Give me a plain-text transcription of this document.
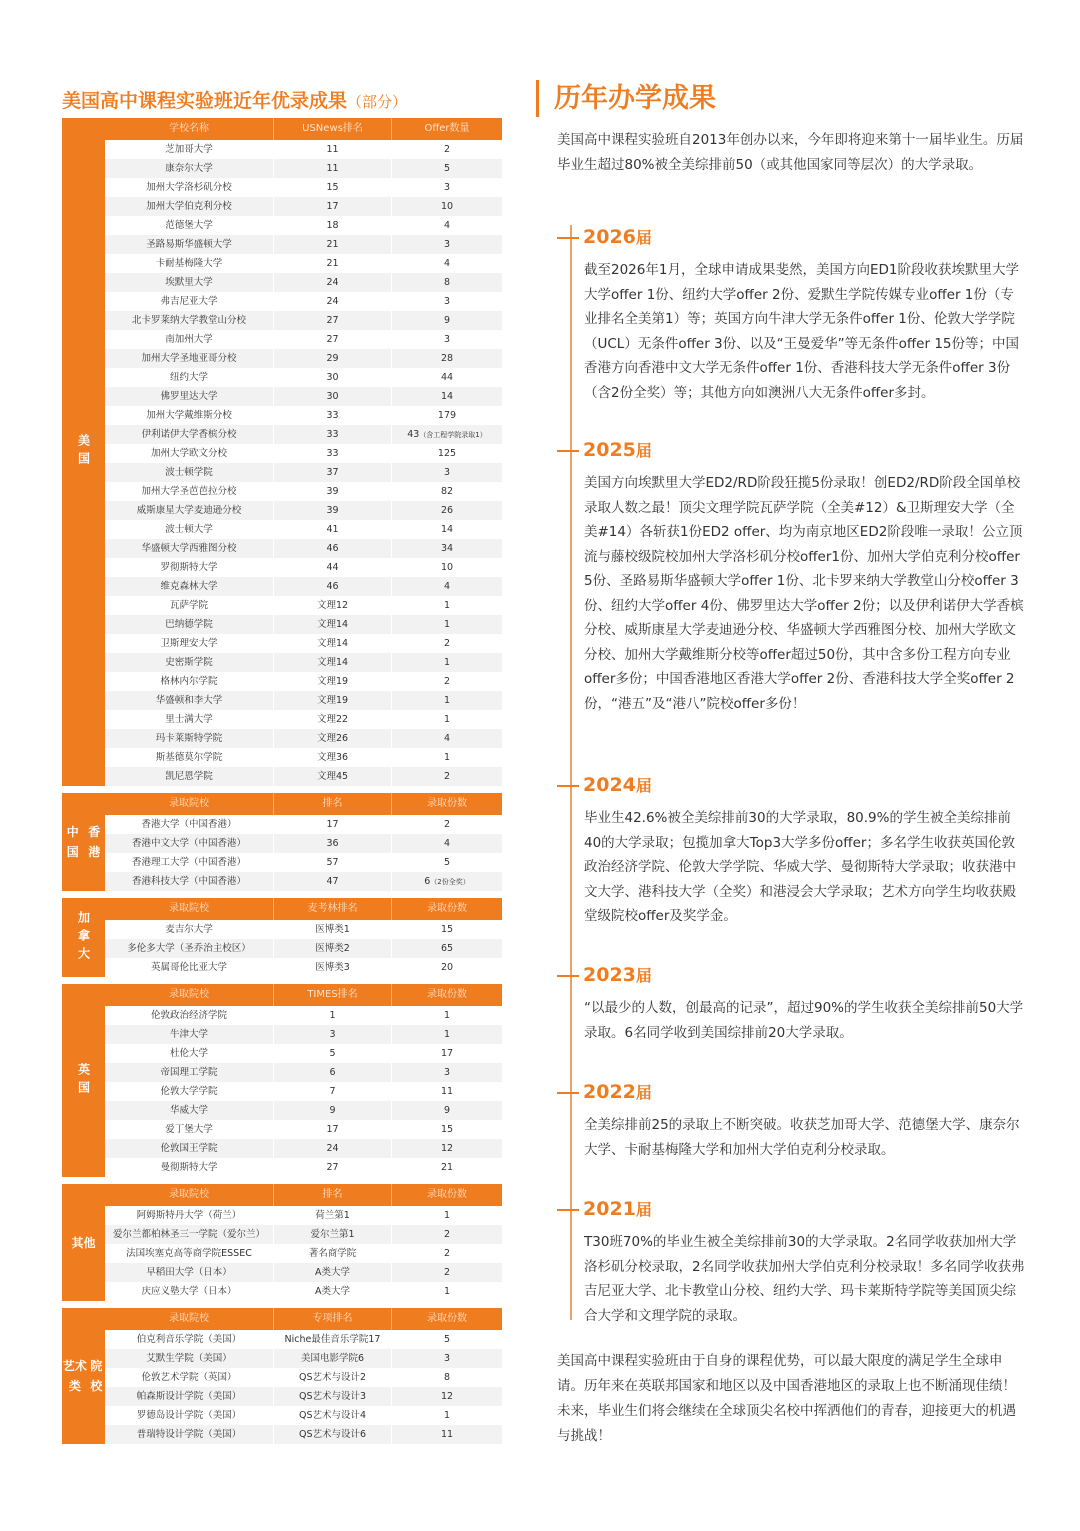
美国高中课程实验班近年优录成果（部分）
美国
学校名称	USNews排名	Offer数量
芝加哥大学	11	2
康奈尔大学	11	5
加州大学洛杉矶分校	15	3
加州大学伯克利分校	17	10
范德堡大学	18	4
圣路易斯华盛顿大学	21	3
卡耐基梅隆大学	21	4
埃默里大学	24	8
弗吉尼亚大学	24	3
北卡罗莱纳大学教堂山分校	27	9
南加州大学	27	3
加州大学圣地亚哥分校	29	28
纽约大学	30	44
佛罗里达大学	30	14
加州大学戴维斯分校	33	179
伊利诺伊大学香槟分校	33	43（含工程学院录取1）
加州大学欧文分校	33	125
波士顿学院	37	3
加州大学圣芭芭拉分校	39	82
威斯康星大学麦迪逊分校	39	26
波士顿大学	41	14
华盛顿大学西雅图分校	46	34
罗彻斯特大学	44	10
维克森林大学	46	4
瓦萨学院	文理12	1
巴纳德学院	文理14	1
卫斯理安大学	文理14	2
史密斯学院	文理14	1
格林内尔学院	文理19	2
华盛顿和李大学	文理19	1
里士满大学	文理22	1
玛卡莱斯特学院	文理26	4
斯基德莫尔学院	文理36	1
凯尼恩学院	文理45	2
中国

香港
录取院校	排名	录取份数
香港大学（中国香港）	17	2
香港中文大学（中国香港）	36	4
香港理工大学（中国香港）	57	5
香港科技大学（中国香港）	47	6（2份全奖）
加拿大
录取院校	麦考林排名	录取份数
麦吉尔大学	医博类1	15
多伦多大学（圣乔治主校区）	医博类2	65
英属哥伦比亚大学	医博类3	20
英国
录取院校	TIMES排名	录取份数
伦敦政治经济学院	1	1
牛津大学	3	1
杜伦大学	5	17
帝国理工学院	6	3
伦敦大学学院	7	11
华威大学	9	9
爱丁堡大学	17	15
伦敦国王学院	24	12
曼彻斯特大学	27	21
其他
录取院校	排名	录取份数
阿姆斯特丹大学（荷兰）	荷兰第1	1
爱尔兰都柏林圣三一学院（爱尔兰）	爱尔兰第1	2
法国埃塞克高等商学院ESSEC	著名商学院	2
早稻田大学（日本）	A类大学	2
庆应义塾大学（日本）	A类大学	1
艺术类

院校
录取院校	专项排名	录取份数
伯克利音乐学院（美国）	Niche最佳音乐学院17	5
艾默生学院（美国）	美国电影学院6	3
伦敦艺术学院（英国）	QS艺术与设计2	8
帕森斯设计学院（美国）	QS艺术与设计3	12
罗德岛设计学院（美国）	QS艺术与设计4	1
普瑞特设计学院（美国）	QS艺术与设计6	11
历年办学成果
美国高中课程实验班自2013年创办以来，今年即将迎来第十一届毕业生。历届毕业生超过80%被全美综排前50（或其他国家同等层次）的大学录取。
2026届
截至2026年1月，全球申请成果斐然，美国方向ED1阶段收获埃默里大学大学offer 1份、纽约大学offer 2份、爱默生学院传媒专业offer 1份（专业排名全美第1）等；英国方向牛津大学无条件offer 1份、伦敦大学学院（UCL）无条件offer 3份、以及“王曼爱华”等无条件offer 15份等；中国香港方向香港中文大学无条件offer 1份、香港科技大学无条件offer 3份（含2份全奖）等；其他方向如澳洲八大无条件offer多封。
2025届
美国方向埃默里大学ED2/RD阶段狂揽5份录取！创ED2/RD阶段全国单校录取人数之最！顶尖文理学院瓦萨学院（全美#12）&卫斯理安大学（全美#14）各斩获1份ED2 offer、均为南京地区ED2阶段唯一录取！公立顶流与藤校级院校加州大学洛杉矶分校offer1份、加州大学伯克利分校offer 5份、圣路易斯华盛顿大学offer 1份、北卡罗来纳大学教堂山分校offer 3份、纽约大学offer 4份、佛罗里达大学offer 2份；以及伊利诺伊大学香槟分校、威斯康星大学麦迪逊分校、华盛顿大学西雅图分校、加州大学欧文分校、加州大学戴维斯分校等offer超过50份，其中含多份工程方向专业offer多份；中国香港地区香港大学offer 2份、香港科技大学全奖offer 2份，“港五”及“港八”院校offer多份！
2024届
毕业生42.6%被全美综排前30的大学录取，80.9%的学生被全美综排前40的大学录取；包揽加拿大Top3大学多份offer；多名学生收获英国伦敦政治经济学院、伦敦大学学院、华威大学、曼彻斯特大学录取；收获港中文大学、港科技大学（全奖）和港浸会大学录取；艺术方向学生均收获殿堂级院校offer及奖学金。
2023届
“以最少的人数，创最高的记录”，超过90%的学生收获全美综排前50大学录取。6名同学收到美国综排前20大学录取。
2022届
全美综排前25的录取上不断突破。收获芝加哥大学、范德堡大学、康奈尔大学、卡耐基梅隆大学和加州大学伯克利分校录取。
2021届
T30班70%的毕业生被全美综排前30的大学录取。2名同学收获加州大学洛杉矶分校录取，2名同学收获加州大学伯克利分校录取！多名同学收获弗吉尼亚大学、北卡教堂山分校、纽约大学、玛卡莱斯特学院等美国顶尖综合大学和文理学院的录取。
美国高中课程实验班由于自身的课程优势，可以最大限度的满足学生全球申请。历年来在英联邦国家和地区以及中国香港地区的录取上也不断涌现佳绩！未来，毕业生们将会继续在全球顶尖名校中挥洒他们的青春，迎接更大的机遇与挑战！
